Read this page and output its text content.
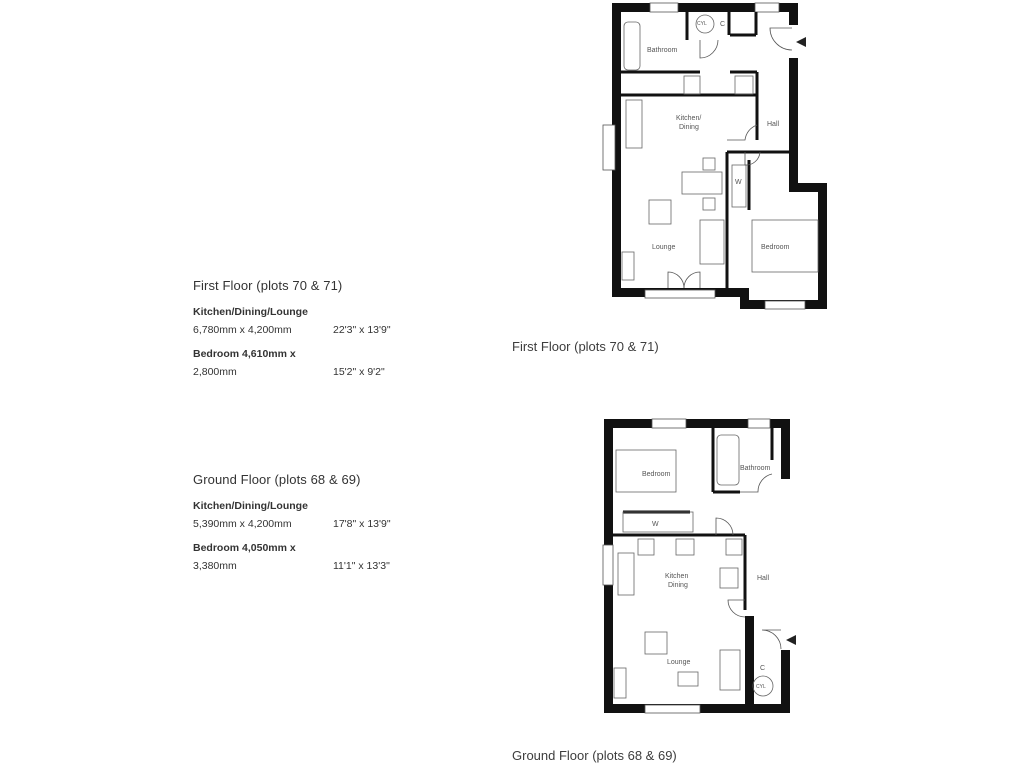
First Floor (plots 70 & 71)
Kitchen/Dining/Lounge
6,780mm x 4,200mm	22'3" x 13'9"
Bedroom 4,610mm x
2,800mm	15'2" x 9'2"
Ground Floor (plots 68 & 69)
Kitchen/Dining/Lounge
5,390mm x 4,200mm	17'8" x 13'9"
Bedroom 4,050mm x
3,380mm	11'1" x 13'3"
First Floor (plots 70 & 71)
Ground Floor (plots 68 & 69)
Bathroom
CYL C
Hall
Kitchen/
Dining
W
Lounge	Bedroom
Bedroom
Bathroom
W
Kitchen
Dining
Hall
Lounge
C
CYL
